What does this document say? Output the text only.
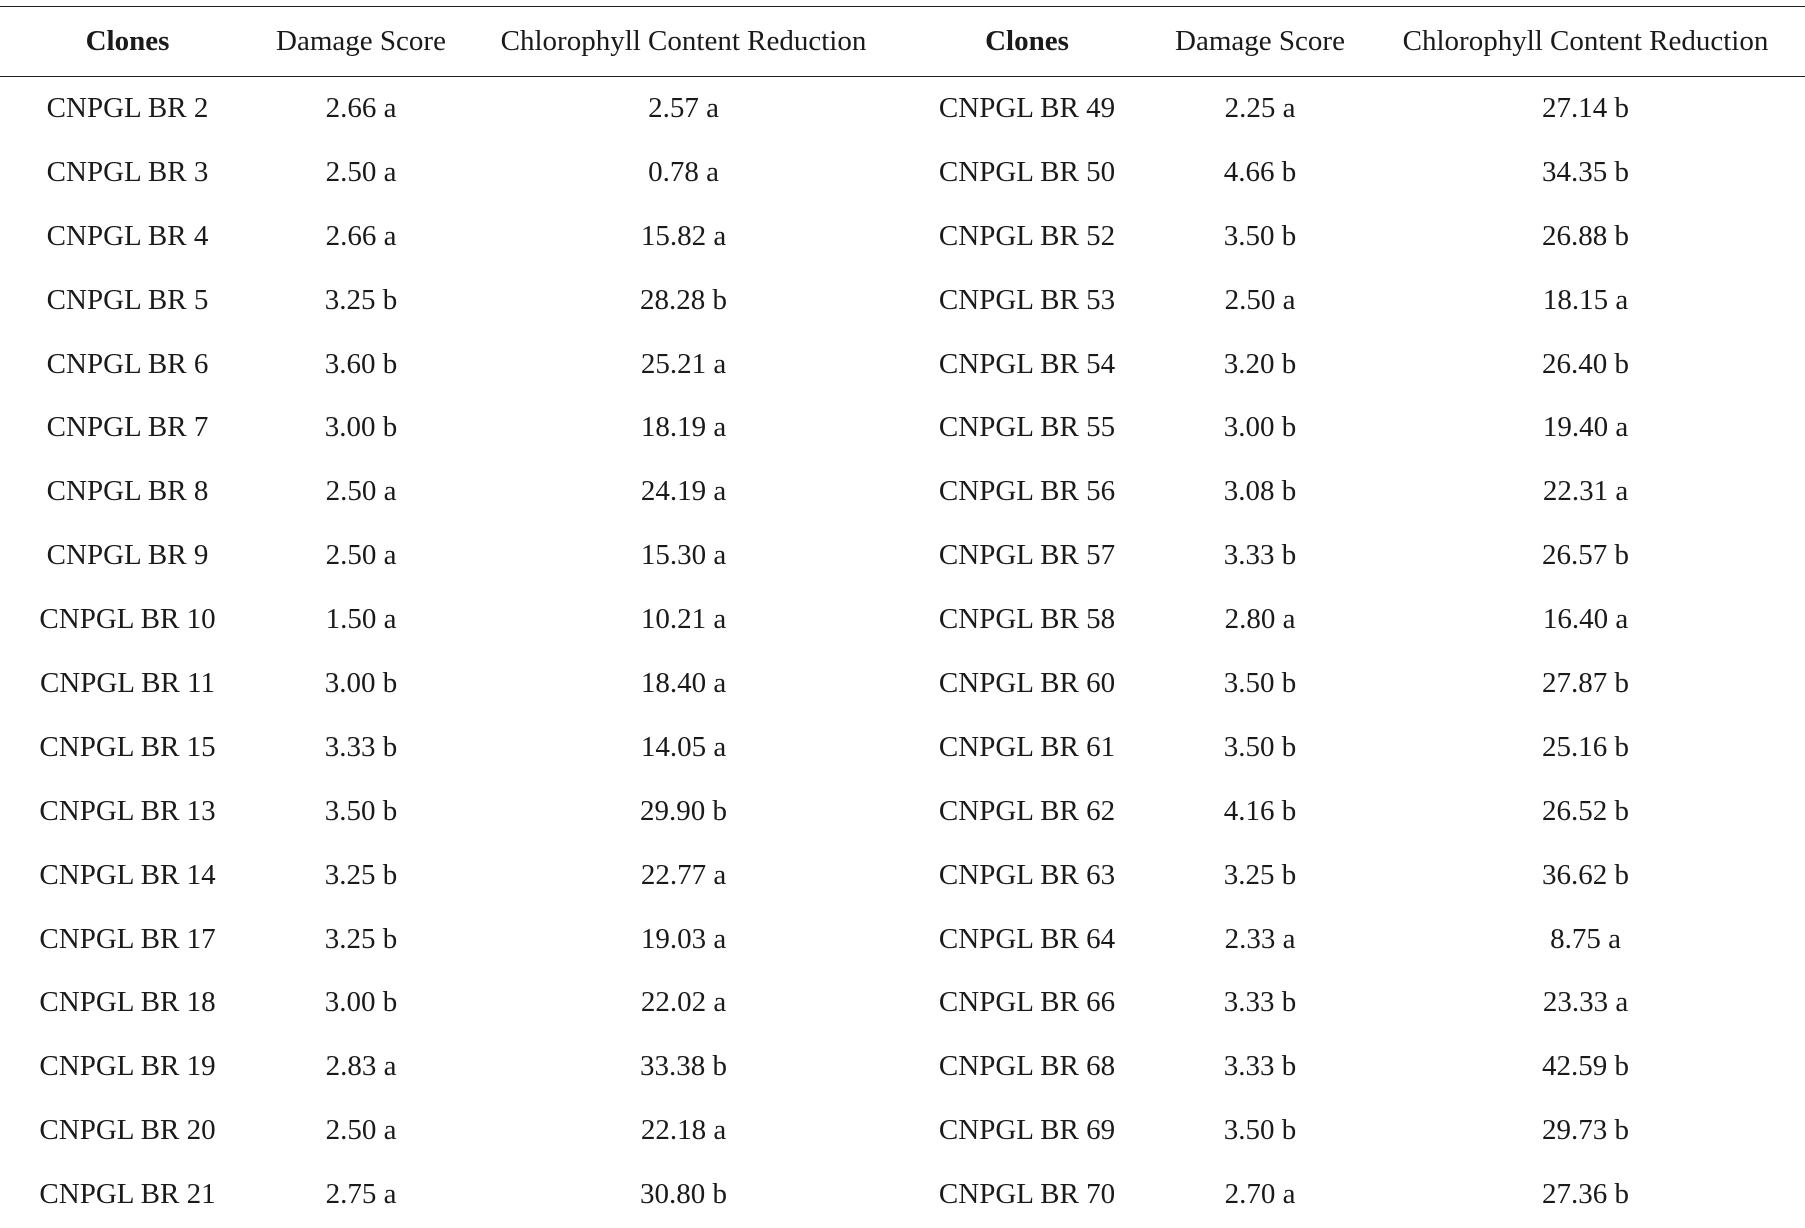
Clones	Damage Score	Chlorophyll Content Reduction	Clones	Damage Score	Chlorophyll Content Reduction
CNPGL BR 2	2.66 a	2.57 a	CNPGL BR 49	2.25 a	27.14 b
CNPGL BR 3	2.50 a	0.78 a	CNPGL BR 50	4.66 b	34.35 b
CNPGL BR 4	2.66 a	15.82 a	CNPGL BR 52	3.50 b	26.88 b
CNPGL BR 5	3.25 b	28.28 b	CNPGL BR 53	2.50 a	18.15 a
CNPGL BR 6	3.60 b	25.21 a	CNPGL BR 54	3.20 b	26.40 b
CNPGL BR 7	3.00 b	18.19 a	CNPGL BR 55	3.00 b	19.40 a
CNPGL BR 8	2.50 a	24.19 a	CNPGL BR 56	3.08 b	22.31 a
CNPGL BR 9	2.50 a	15.30 a	CNPGL BR 57	3.33 b	26.57 b
CNPGL BR 10	1.50 a	10.21 a	CNPGL BR 58	2.80 a	16.40 a
CNPGL BR 11	3.00 b	18.40 a	CNPGL BR 60	3.50 b	27.87 b
CNPGL BR 15	3.33 b	14.05 a	CNPGL BR 61	3.50 b	25.16 b
CNPGL BR 13	3.50 b	29.90 b	CNPGL BR 62	4.16 b	26.52 b
CNPGL BR 14	3.25 b	22.77 a	CNPGL BR 63	3.25 b	36.62 b
CNPGL BR 17	3.25 b	19.03 a	CNPGL BR 64	2.33 a	8.75 a
CNPGL BR 18	3.00 b	22.02 a	CNPGL BR 66	3.33 b	23.33 a
CNPGL BR 19	2.83 a	33.38 b	CNPGL BR 68	3.33 b	42.59 b
CNPGL BR 20	2.50 a	22.18 a	CNPGL BR 69	3.50 b	29.73 b
CNPGL BR 21	2.75 a	30.80 b	CNPGL BR 70	2.70 a	27.36 b
